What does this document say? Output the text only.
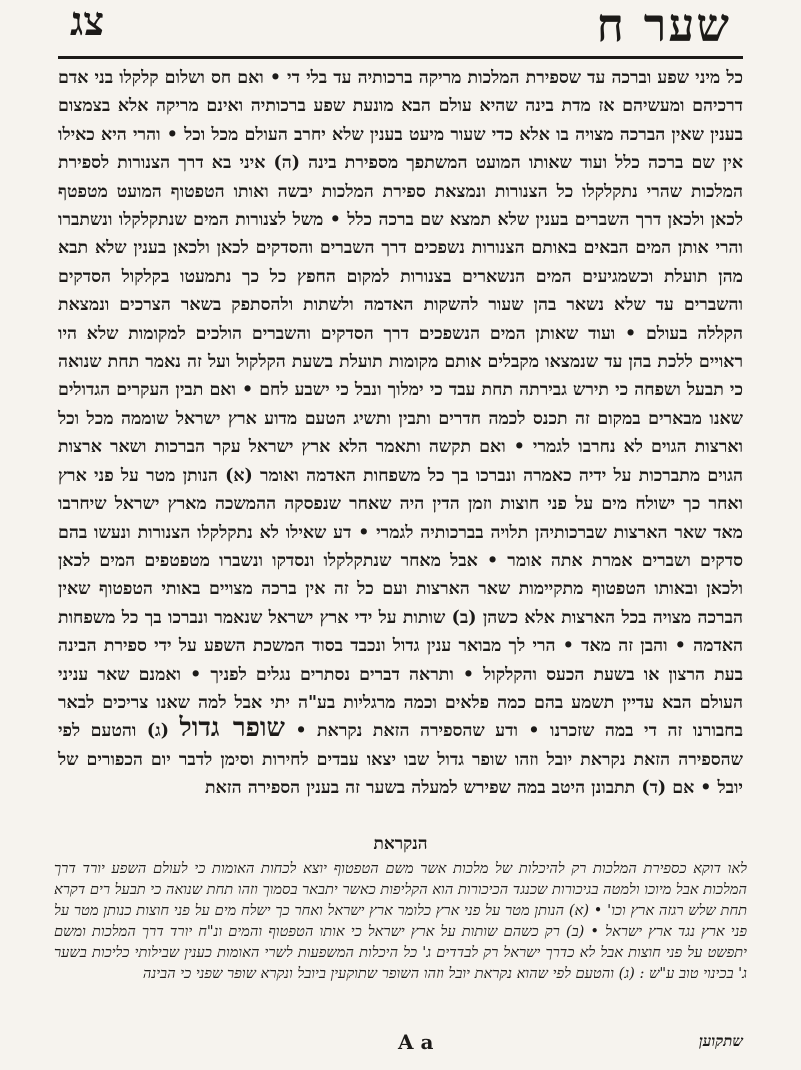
שער ח
צג
כל מיני שפע וברכה עד שספירת המלכות מריקה ברכותיה עד בלי די • ואם חס ושלום קלקלו בני אדם דרכיהם ומעשיהם אז מדת בינה שהיא עולם הבא מונעת שפע ברכותיה ואינם מריקה אלא בצמצום בענין שאין הברכה מצויה בו אלא כדי שעור מיעט בענין שלא יחרב העולם מכל וכל • והרי היא כאילו אין שם ברכה כלל ועוד שאותו המועט המשתפך מספירת בינה (ה) איני בא דרך הצנורות לספירת המלכות שהרי נתקלקלו כל הצנורות ונמצאת ספירת המלכות יבשה ואותו הטפטוף המועט מטפטף לכאן ולכאן דרך השברים בענין שלא תמצא שם ברכה כלל • משל לצנורות המים שנתקלקלו ונשתברו והרי אותן המים הבאים באותם הצנורות נשפכים דרך השברים והסדקים לכאן ולכאן בענין שלא תבא מהן תועלת וכשמגיעים המים הנשארים בצנורות למקום החפץ כל כך נתמעטו בקלקול הסדקים והשברים עד שלא נשאר בהן שעור להשקות האדמה ולשתות ולהסתפק בשאר הצרכים ונמצאת הקללה בעולם • ועוד שאותן המים הנשפכים דרך הסדקים והשברים הולכים למקומות שלא היו ראויים ללכת בהן עד שנמצאו מקבלים אותם מקומות תועלת בשעת הקלקול ועל זה נאמר תחת שנואה כי תבעל ושפחה כי תירש גבירתה תחת עבד כי ימלוך ונבל כי ישבע לחם • ואם תבין העקרים הגדולים שאנו מבארים במקום זה תכנס לכמה חדרים ותבין ותשיג הטעם מדוע ארץ ישראל שוממה מכל וכל וארצות הגוים לא נחרבו לגמרי • ואם תקשה ותאמר הלא ארץ ישראל עקר הברכות ושאר ארצות הגוים מתברכות על ידיה כאמרה ונברכו בך כל משפחות האדמה ואומר (א) הנותן מטר על פני ארץ ואחר כך ישולח מים על פני חוצות וזמן הדין היה שאחר שנפסקה ההמשכה מארץ ישראל שיחרבו מאד שאר הארצות שברכותיהן תלויה בברכותיה לגמרי • דע שאילו לא נתקלקלו הצנורות ונעשו בהם סדקים ושברים אמרת אתה אומר • אבל מאחר שנתקלקלו ונסדקו ונשברו מטפטפים המים לכאן ולכאן ובאותו הטפטוף מתקיימות שאר הארצות ועם כל זה אין ברכה מצויים באותי הטפטוף שאין הברכה מצויה בכל הארצות אלא כשהן (ב) שותות על ידי ארץ ישראל שנאמר ונברכו בך כל משפחות האדמה • והבן זה מאד • הרי לך מבואר ענין גדול ונכבד בסוד המשכת השפע על ידי ספירת הבינה בעת הרצון או בשעת הכעס והקלקול • ותראה דברים נסתרים נגלים לפניך • ואמנם שאר עניני העולם הבא עדיין תשמע בהם כמה פלאים וכמה מרגליות בע"ה יתי אבל למה שאנו צריכים לבאר בחבורנו זה די במה שזכרנו • ודע שהספירה הזאת נקראת • שופר גדול (ג) והטעם לפי שהספירה הזאת נקראת יובל וזהו שופר גדול שבו יצאו עבדים לחירות וסימן לדבר יום הכפורים של יובל • אם (ד) תתבונן היטב במה שפירש למעלה בשער זה בענין הספירה הזאת
הנקראת
לאו דוקא כספירת המלכות רק להיכלות של מלכות אשר משם הטפטוף יוצא לכחות האומות כי לעולם השפע יורד דרך המלכות אבל מיוכו ולמטה בגיכורות שכנגד הכיכורות הוא הקליפות כאשר יתבאר בסמוך וזהו תחת שנואה כי תבעל רים דקרא תחת שלש רגזה ארץ וכו' • (א) הנותן מטר על פני ארץ כלומר ארץ ישראל ואחר כך ישלח מים על פני חוצות כנותן מטר על פני ארץ נגד ארץ ישראל • (ב) רק כשהם שותות על ארץ ישראל כי אותו הטפטוף והמים ונ"ח יורד דרך המלכות ומשם יתפשט על פני חוצות אבל לא כדרך ישראל רק לבדדים ג' כל היכלות המשפעות לשרי האומות כענין שבילותי כליכות בשער ג' בכינוי טוב ע"ש : (ג) והטעם לפי שהוא נקראת יובל וזהו השופר שתוקעין ביובל ונקרא שופר שפני כי הבינה
שתקוען
A a
